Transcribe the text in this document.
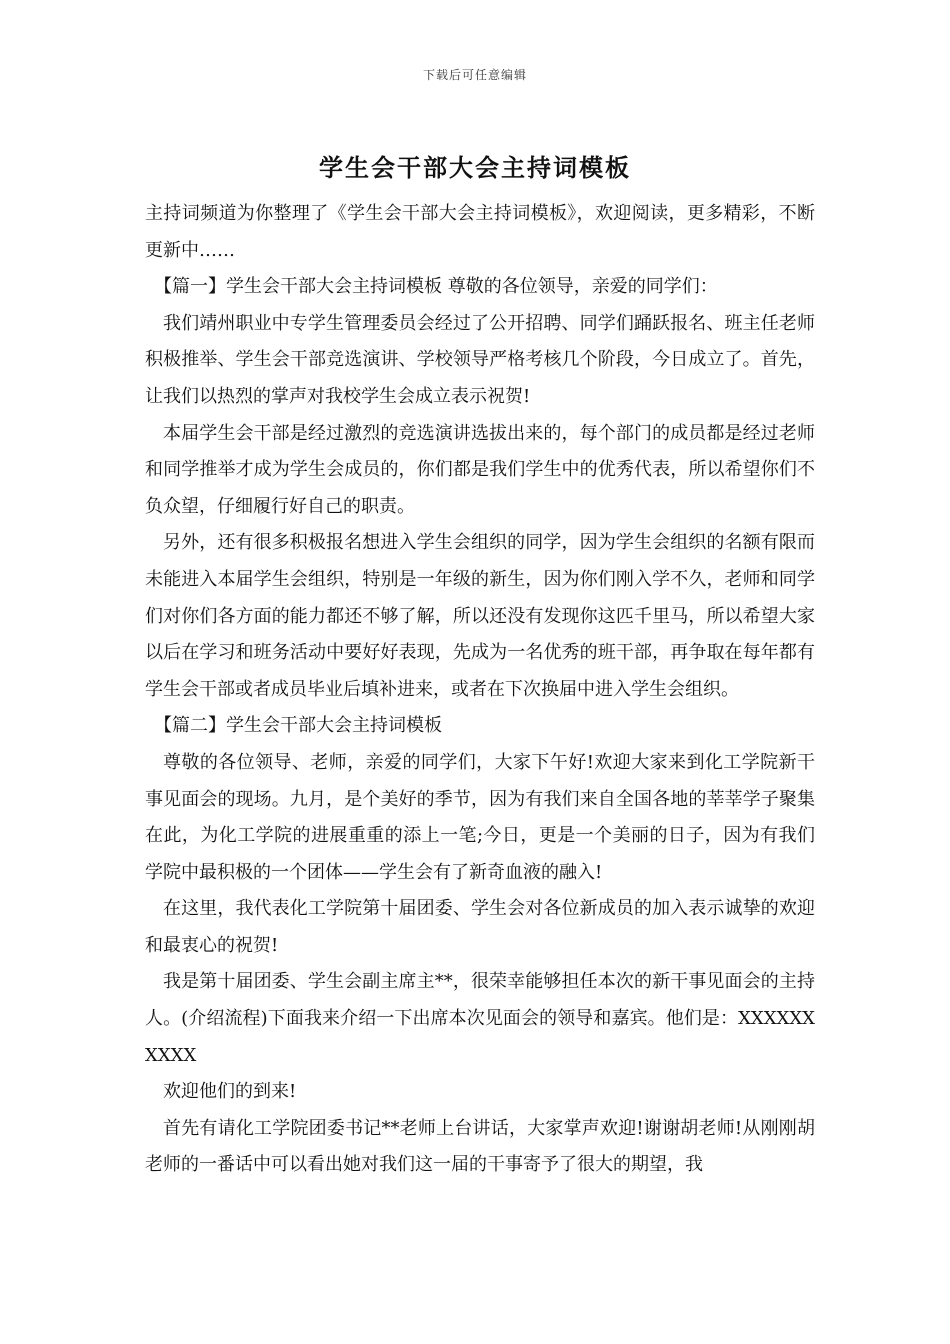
下载后可任意编辑
学生会干部大会主持词模板

主持词频道为你整理了《学生会干部大会主持词模板》，欢迎阅读，更多精彩，不断更新中……

【篇一】学生会干部大会主持词模板 尊敬的各位领导，亲爱的同学们：

我们靖州职业中专学生管理委员会经过了公开招聘、同学们踊跃报名、班主任老师积极推举、学生会干部竞选演讲、学校领导严格考核几个阶段，今日成立了。首先，让我们以热烈的掌声对我校学生会成立表示祝贺!

本届学生会干部是经过激烈的竞选演讲选拔出来的，每个部门的成员都是经过老师和同学推举才成为学生会成员的，你们都是我们学生中的优秀代表，所以希望你们不负众望，仔细履行好自己的职责。

另外，还有很多积极报名想进入学生会组织的同学，因为学生会组织的名额有限而未能进入本届学生会组织，特别是一年级的新生，因为你们刚入学不久，老师和同学们对你们各方面的能力都还不够了解，所以还没有发现你这匹千里马，所以希望大家以后在学习和班务活动中要好好表现，先成为一名优秀的班干部，再争取在每年都有学生会干部或者成员毕业后填补进来，或者在下次换届中进入学生会组织。

【篇二】学生会干部大会主持词模板

尊敬的各位领导、老师，亲爱的同学们，大家下午好!欢迎大家来到化工学院新干事见面会的现场。九月，是个美好的季节，因为有我们来自全国各地的莘莘学子聚集在此，为化工学院的进展重重的添上一笔;今日，更是一个美丽的日子，因为有我们学院中最积极的一个团体——学生会有了新奇血液的融入!

在这里，我代表化工学院第十届团委、学生会对各位新成员的加入表示诚挚的欢迎和最衷心的祝贺!

我是第十届团委、学生会副主席主**，很荣幸能够担任本次的新干事见面会的主持人。(介绍流程)下面我来介绍一下出席本次见面会的领导和嘉宾。他们是：XXXXXXXXXX

欢迎他们的到来!

首先有请化工学院团委书记**老师上台讲话，大家掌声欢迎!谢谢胡老师!从刚刚胡老师的一番话中可以看出她对我们这一届的干事寄予了很大的期望，我
